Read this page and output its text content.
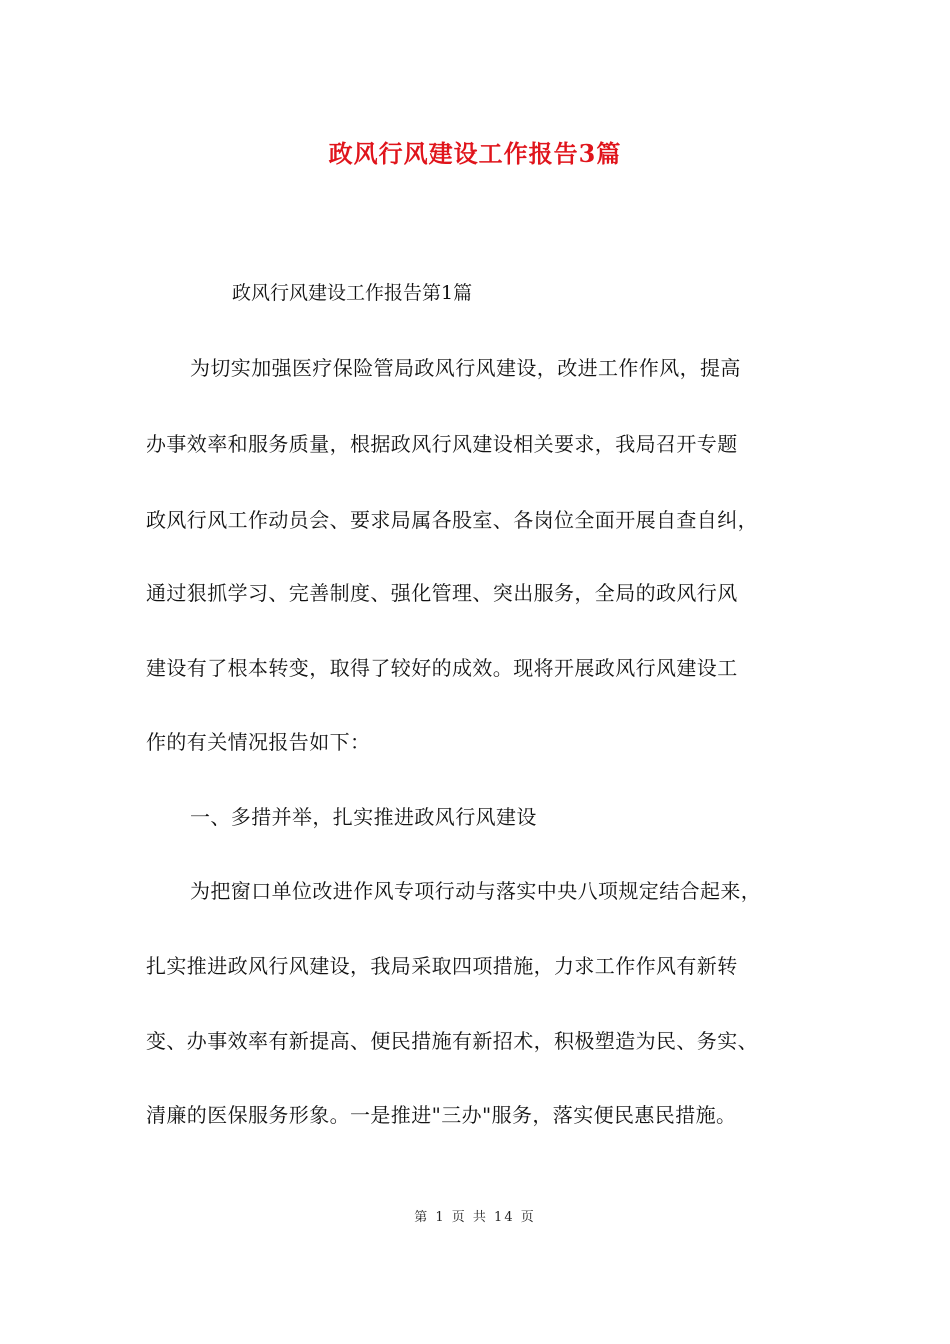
政风行风建设工作报告3篇
政风行风建设工作报告第1篇
为切实加强医疗保险管局政风行风建设，改进工作作风，提高
办事效率和服务质量，根据政风行风建设相关要求，我局召开专题
政风行风工作动员会、要求局属各股室、各岗位全面开展自查自纠，
通过狠抓学习、完善制度、强化管理、突出服务，全局的政风行风
建设有了根本转变，取得了较好的成效。现将开展政风行风建设工
作的有关情况报告如下：
一、多措并举，扎实推进政风行风建设
为把窗口单位改进作风专项行动与落实中央八项规定结合起来，
扎实推进政风行风建设，我局采取四项措施，力求工作作风有新转
变、办事效率有新提高、便民措施有新招术，积极塑造为民、务实、
清廉的医保服务形象。一是推进"三办"服务，落实便民惠民措施。
第 1 页 共 14 页
